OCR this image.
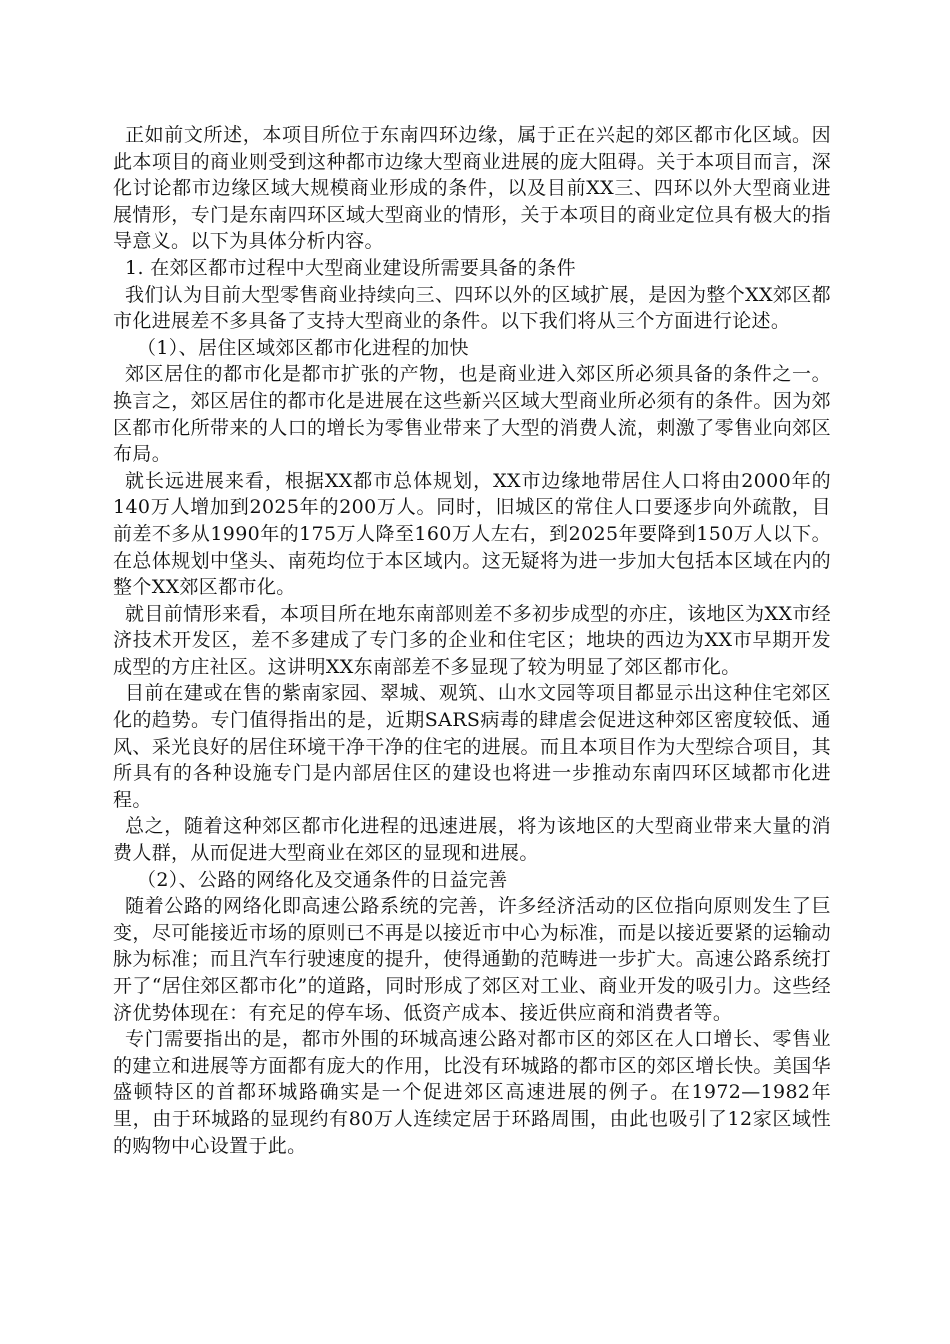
正如前文所述，本项目所位于东南四环边缘，属于正在兴起的郊区都市化区域。因此本项目的商业则受到这种都市边缘大型商业进展的庞大阻碍。关于本项目而言，深化讨论都市边缘区域大规模商业形成的条件，以及目前XX三、四环以外大型商业进展情形，专门是东南四环区域大型商业的情形，关于本项目的商业定位具有极大的指导意义。以下为具体分析内容。

1. 在郊区都市过程中大型商业建设所需要具备的条件

我们认为目前大型零售商业持续向三、四环以外的区域扩展，是因为整个XX郊区都市化进展差不多具备了支持大型商业的条件。以下我们将从三个方面进行论述。

（1）、居住区域郊区都市化进程的加快

郊区居住的都市化是都市扩张的产物，也是商业进入郊区所必须具备的条件之一。换言之，郊区居住的都市化是进展在这些新兴区域大型商业所必须有的条件。因为郊区都市化所带来的人口的增长为零售业带来了大型的消费人流，刺激了零售业向郊区布局。

就长远进展来看，根据XX都市总体规划，XX市边缘地带居住人口将由2000年的140万人增加到2025年的200万人。同时，旧城区的常住人口要逐步向外疏散，目前差不多从1990年的175万人降至160万人左右，到2025年要降到150万人以下。在总体规划中垡头、南苑均位于本区域内。这无疑将为进一步加大包括本区域在内的整个XX郊区都市化。

就目前情形来看，本项目所在地东南部则差不多初步成型的亦庄，该地区为XX市经济技术开发区，差不多建成了专门多的企业和住宅区；地块的西边为XX市早期开发成型的方庄社区。这讲明XX东南部差不多显现了较为明显了郊区都市化。

目前在建或在售的紫南家园、翠城、观筑、山水文园等项目都显示出这种住宅郊区化的趋势。专门值得指出的是，近期SARS病毒的肆虐会促进这种郊区密度较低、通风、采光良好的居住环境干净干净的住宅的进展。而且本项目作为大型综合项目，其所具有的各种设施专门是内部居住区的建设也将进一步推动东南四环区域都市化进程。

总之，随着这种郊区都市化进程的迅速进展，将为该地区的大型商业带来大量的消费人群，从而促进大型商业在郊区的显现和进展。

（2）、公路的网络化及交通条件的日益完善

随着公路的网络化即高速公路系统的完善，许多经济活动的区位指向原则发生了巨变，尽可能接近市场的原则已不再是以接近市中心为标准，而是以接近要紧的运输动脉为标准；而且汽车行驶速度的提升，使得通勤的范畴进一步扩大。高速公路系统打开了“居住郊区都市化”的道路，同时形成了郊区对工业、商业开发的吸引力。这些经济优势体现在：有充足的停车场、低资产成本、接近供应商和消费者等。

专门需要指出的是，都市外围的环城高速公路对都市区的郊区在人口增长、零售业的建立和进展等方面都有庞大的作用，比没有环城路的都市区的郊区增长快。美国华盛顿特区的首都环城路确实是一个促进郊区高速进展的例子。在1972—1982年里，由于环城路的显现约有80万人连续定居于环路周围，由此也吸引了12家区域性的购物中心设置于此。
